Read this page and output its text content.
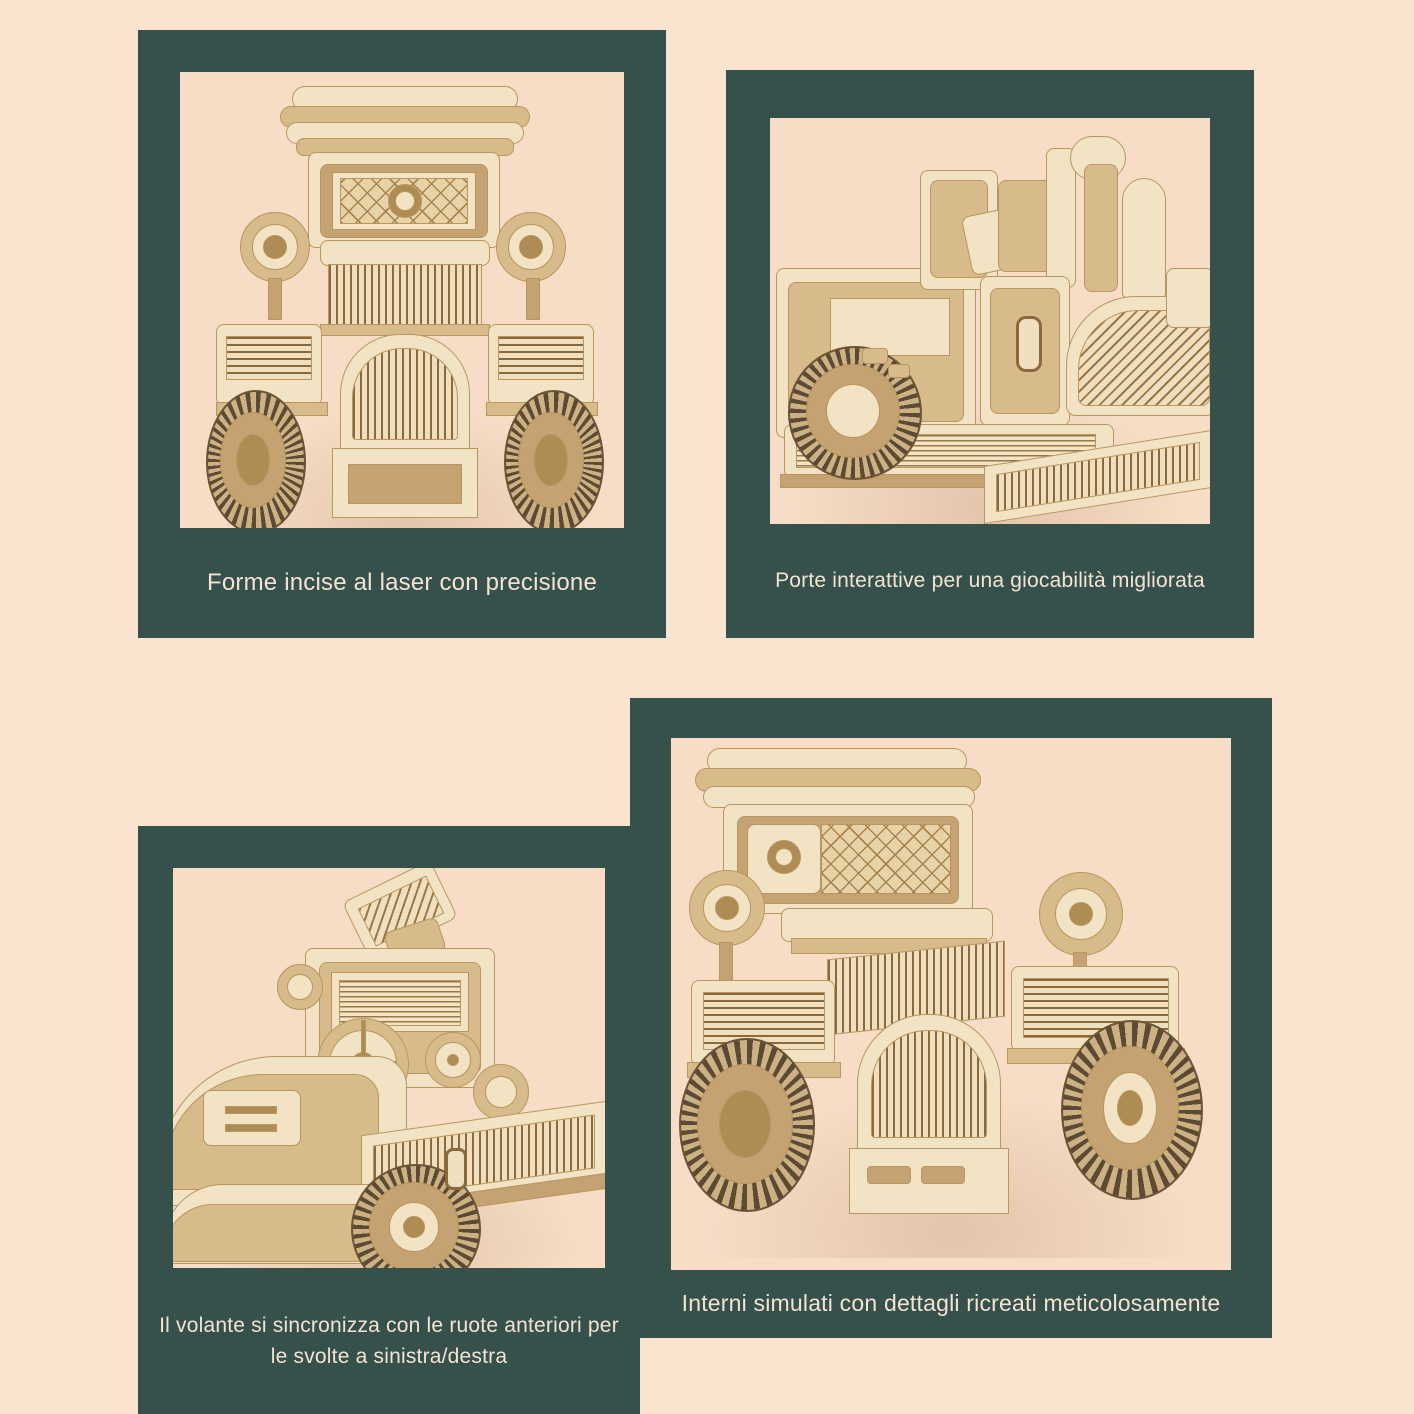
Forme incise al laser con precisione	Porte interattive per una giocabilità migliorata
Interni simulati con dettagli ricreati meticolosamente
Il volante si sincronizza con le ruote anteriori per le svolte a sinistra/destra
